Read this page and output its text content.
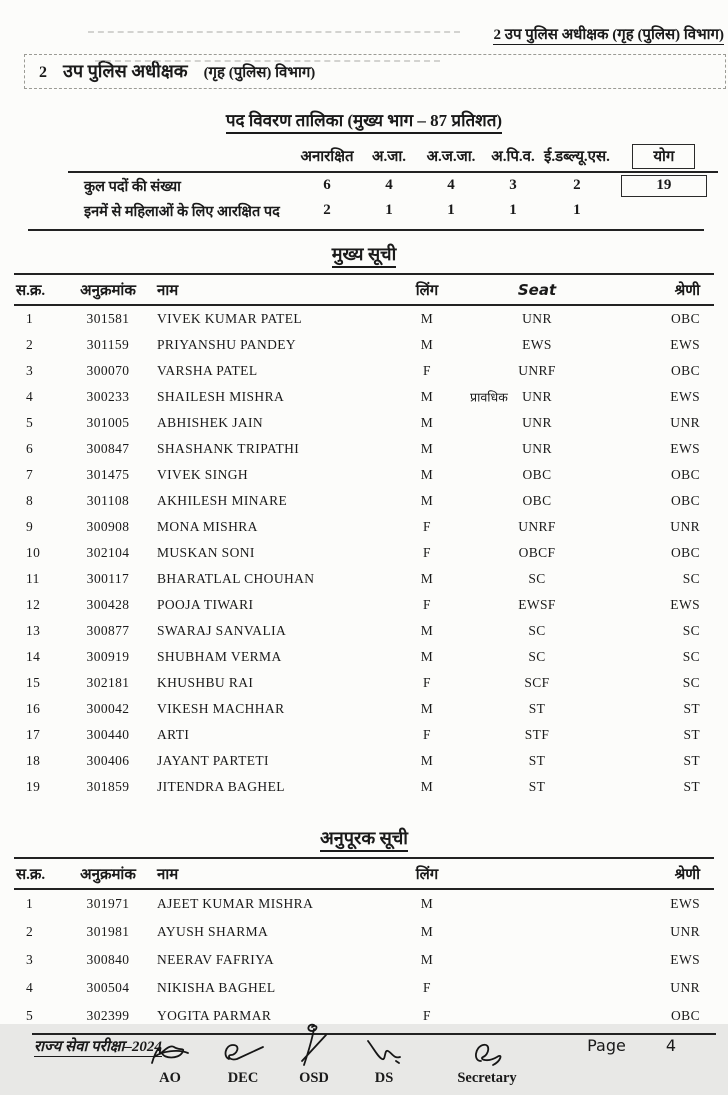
2 उप पुलिस अधीक्षक (गृह (पुलिस) विभाग)
2 उप पुलिस अधीक्षक (गृह (पुलिस) विभाग)
पद विवरण तालिका (मुख्य भाग – 87 प्रतिशत)
	अनारक्षित	अ.जा.	अ.ज.जा.	अ.पि.व.	ई.डब्ल्यू.एस.	योग
कुल पदों की संख्या	6	4	4	3	2	19
इनमें से महिलाओं के लिए आरक्षित पद	2	1	1	1	1	
मुख्य सूची
स.क्र.	अनुक्रमांक	नाम	लिंग	Seat	श्रेणी
1	301581	VIVEK KUMAR PATEL	M	UNR	OBC
2	301159	PRIYANSHU PANDEY	M	EWS	EWS
3	300070	VARSHA PATEL	F	UNRF	OBC
4	300233	SHAILESH MISHRA	M	प्रावधिक UNR	EWS
5	301005	ABHISHEK JAIN	M	UNR	UNR
6	300847	SHASHANK TRIPATHI	M	UNR	EWS
7	301475	VIVEK SINGH	M	OBC	OBC
8	301108	AKHILESH MINARE	M	OBC	OBC
9	300908	MONA MISHRA	F	UNRF	UNR
10	302104	MUSKAN SONI	F	OBCF	OBC
11	300117	BHARATLAL CHOUHAN	M	SC	SC
12	300428	POOJA TIWARI	F	EWSF	EWS
13	300877	SWARAJ SANVALIA	M	SC	SC
14	300919	SHUBHAM VERMA	M	SC	SC
15	302181	KHUSHBU RAI	F	SCF	SC
16	300042	VIKESH MACHHAR	M	ST	ST
17	300440	ARTI	F	STF	ST
18	300406	JAYANT PARTETI	M	ST	ST
19	301859	JITENDRA BAGHEL	M	ST	ST
अनुपूरक सूची
स.क्र.	अनुक्रमांक	नाम	लिंग	श्रेणी
1	301971	AJEET KUMAR MISHRA	M	EWS
2	301981	AYUSH SHARMA	M	UNR
3	300840	NEERAV FAFRIYA	M	EWS
4	300504	NIKISHA BAGHEL	F	UNR
5	302399	YOGITA PARMAR	F	OBC
राज्य सेवा परीक्षा–2024	Page	4
AO	DEC	OSD	DS	Secretary
